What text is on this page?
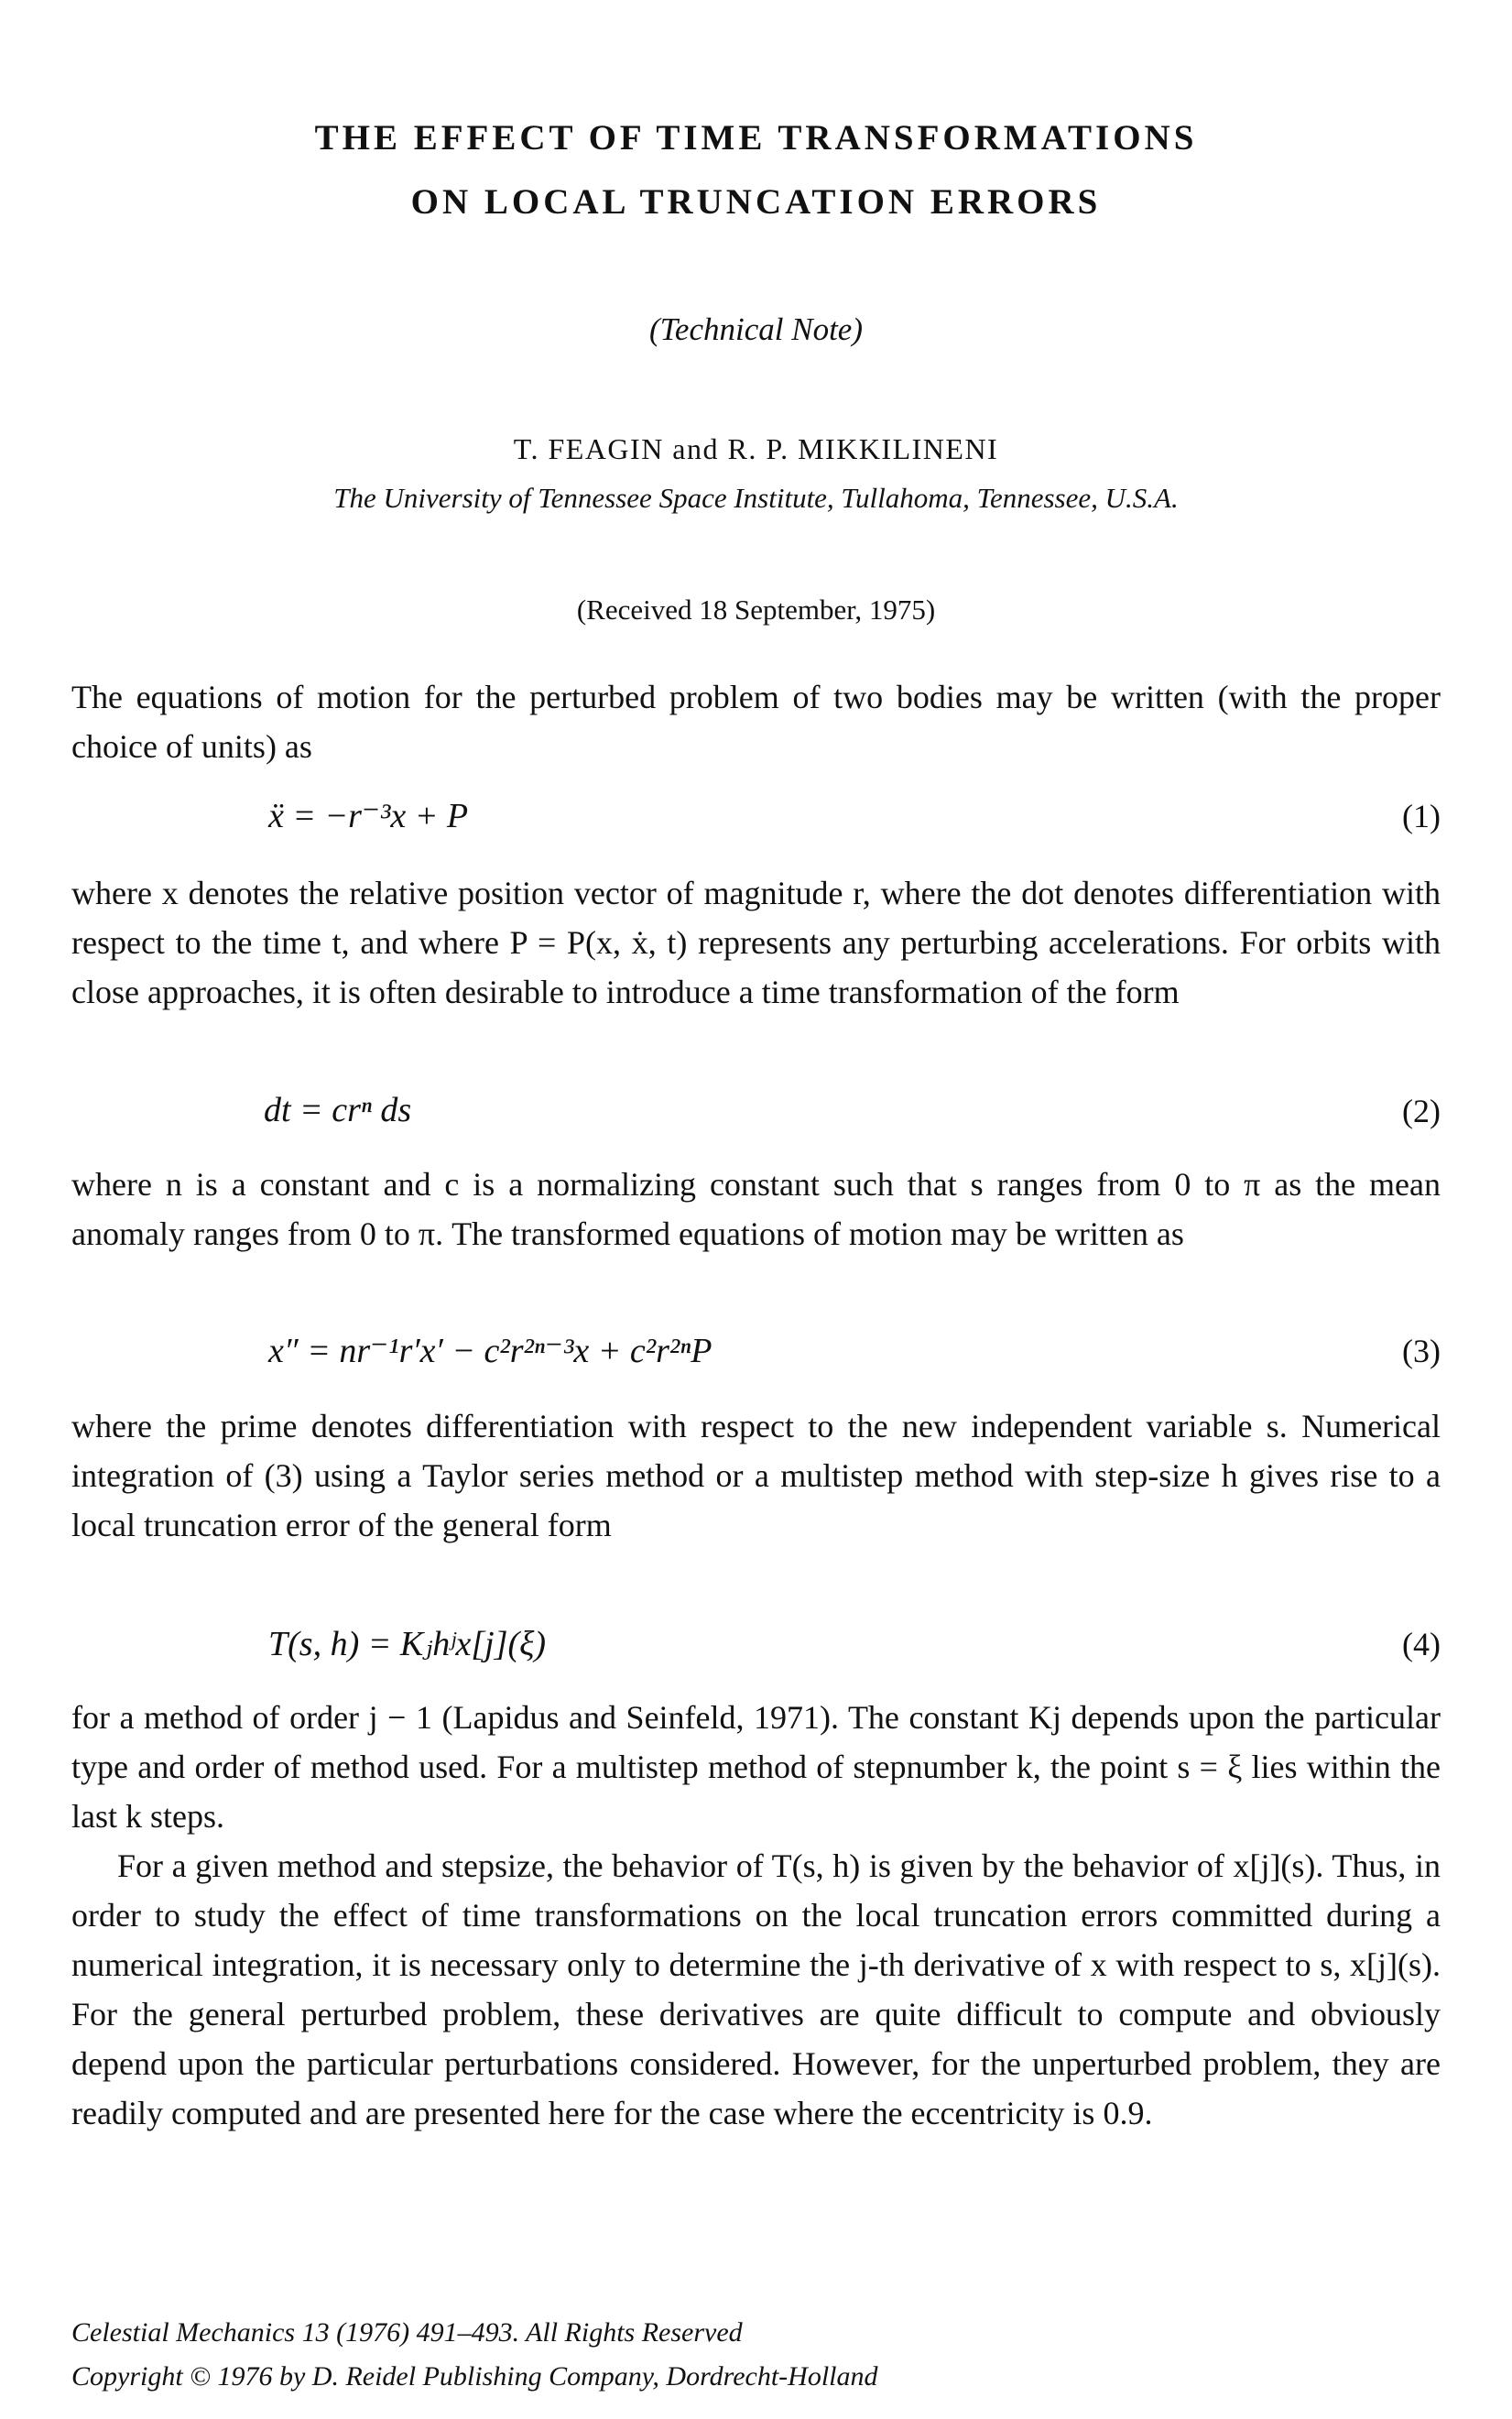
THE EFFECT OF TIME TRANSFORMATIONS
ON LOCAL TRUNCATION ERRORS
(Technical Note)
T. FEAGIN and R. P. MIKKILINENI
The University of Tennessee Space Institute, Tullahoma, Tennessee, U.S.A.
(Received 18 September, 1975)

The equations of motion for the perturbed problem of two bodies may be written (with the proper choice of units) as

ẍ = −r⁻³x + P	(1)

where x denotes the relative position vector of magnitude r, where the dot denotes differentiation with respect to the time t, and where P = P(x, ẋ, t) represents any perturbing accelerations. For orbits with close approaches, it is often desirable to introduce a time transformation of the form

dt = crⁿ ds	(2)

where n is a constant and c is a normalizing constant such that s ranges from 0 to π as the mean anomaly ranges from 0 to π. The transformed equations of motion may be written as

x″ = nr⁻¹r′x′ − c²r²ⁿ⁻³x + c²r²ⁿP	(3)

where the prime denotes differentiation with respect to the new independent variable s. Numerical integration of (3) using a Taylor series method or a multistep method with step-size h gives rise to a local truncation error of the general form

T(s, h) = Kⱼhʲx[j](ξ)	(4)

for a method of order j − 1 (Lapidus and Seinfeld, 1971). The constant Kj depends upon the particular type and order of method used. For a multistep method of stepnumber k, the point s = ξ lies within the last k steps.

For a given method and stepsize, the behavior of T(s, h) is given by the behavior of x[j](s). Thus, in order to study the effect of time transformations on the local truncation errors committed during a numerical integration, it is necessary only to determine the j-th derivative of x with respect to s, x[j](s). For the general perturbed problem, these derivatives are quite difficult to compute and obviously depend upon the particular perturbations considered. However, for the unperturbed problem, they are readily computed and are presented here for the case where the eccentricity is 0.9.

Celestial Mechanics 13 (1976) 491–493. All Rights Reserved
Copyright © 1976 by D. Reidel Publishing Company, Dordrecht-Holland
